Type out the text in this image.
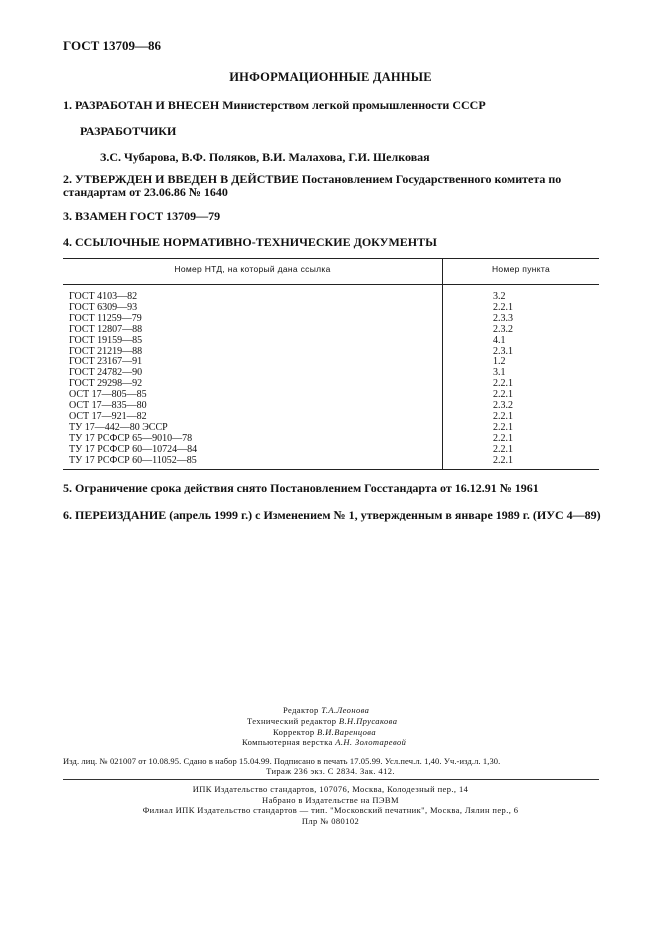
ГОСТ 13709—86
ИНФОРМАЦИОННЫЕ ДАННЫЕ
1. РАЗРАБОТАН И ВНЕСЕН Министерством легкой промышленности СССР
РАЗРАБОТЧИКИ
З.С. Чубарова, В.Ф. Поляков, В.И. Малахова, Г.И. Шелковая
2. УТВЕРЖДЕН И ВВЕДЕН В ДЕЙСТВИЕ Постановлением Государственного комитета по стандартам от 23.06.86 № 1640
3. ВЗАМЕН ГОСТ 13709—79
4. ССЫЛОЧНЫЕ НОРМАТИВНО-ТЕХНИЧЕСКИЕ ДОКУМЕНТЫ
Номер НТД, на который дана ссылка	Номер пункта
ГОСТ 4103—82	3.2
ГОСТ 6309—93	2.2.1
ГОСТ 11259—79	2.3.3
ГОСТ 12807—88	2.3.2
ГОСТ 19159—85	4.1
ГОСТ 21219—88	2.3.1
ГОСТ 23167—91	1.2
ГОСТ 24782—90	3.1
ГОСТ 29298—92	2.2.1
ОСТ 17—805—85	2.2.1
ОСТ 17—835—80	2.3.2
ОСТ 17—921—82	2.2.1
ТУ 17—442—80 ЭССР	2.2.1
ТУ 17 РСФСР 65—9010—78	2.2.1
ТУ 17 РСФСР 60—10724—84	2.2.1
ТУ 17 РСФСР 60—11052—85	2.2.1
5. Ограничение срока действия снято Постановлением Госстандарта от 16.12.91 № 1961
6. ПЕРЕИЗДАНИЕ (апрель 1999 г.) с Изменением № 1, утвержденным в январе 1989 г. (ИУС 4—89)
Редактор Т.А.Леонова
Технический редактор В.Н.Прусакова
Корректор В.И.Варенцова
Компьютерная верстка А.Н. Золотаревой
Изд. лиц. № 021007 от 10.08.95. Сдано в набор 15.04.99. Подписано в печать 17.05.99. Усл.печ.л. 1,40. Уч.-изд.л. 1,30.
Тираж 236 экз. С 2834. Зак. 412.
ИПК Издательство стандартов, 107076, Москва, Колодезный пер., 14
Набрано в Издательстве на ПЭВМ
Филиал ИПК Издательство стандартов — тип. "Московский печатник", Москва, Лялин пер., 6
Плр № 080102
